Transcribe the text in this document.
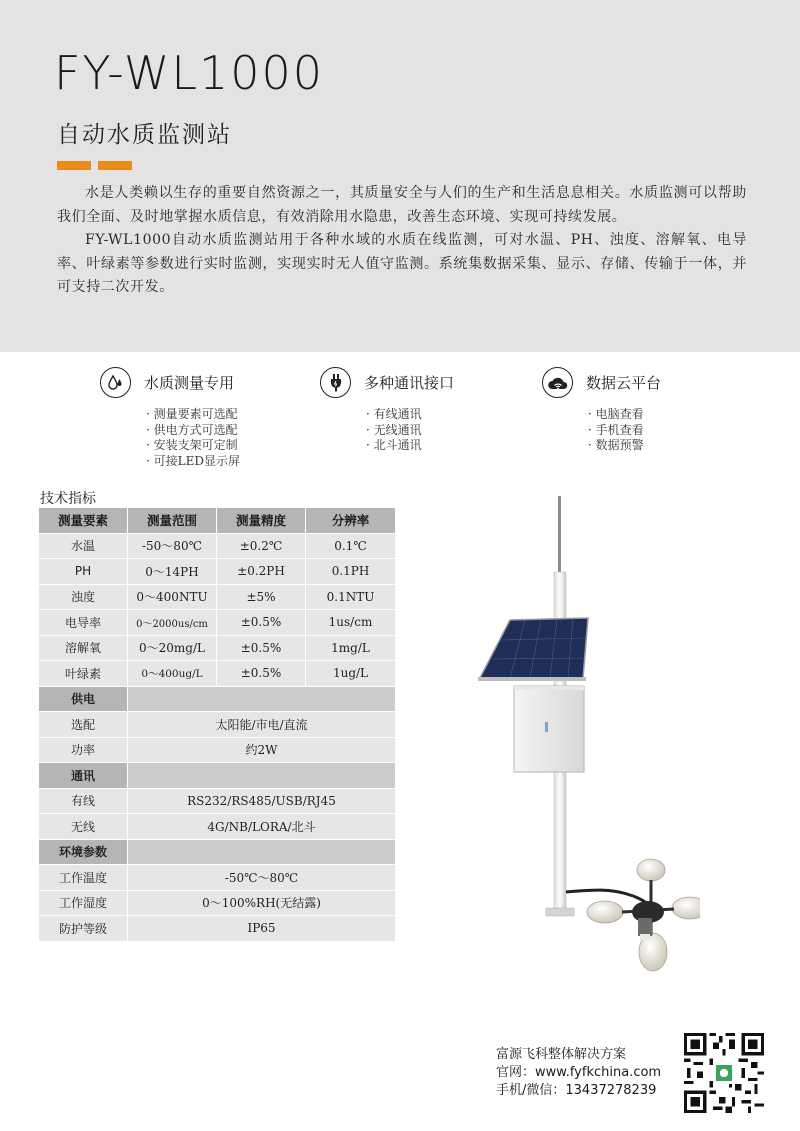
FY-WL1000
自动水质监测站

水是人类赖以生存的重要自然资源之一，其质量安全与人们的生产和生活息息相关。水质监测可以帮助我们全面、及时地掌握水质信息，有效消除用水隐患，改善生态环境、实现可持续发展。

FY-WL1000自动水质监测站用于各种水域的水质在线监测，可对水温、PH、浊度、溶解氧、电导率、叶绿素等参数进行实时监测，实现实时无人值守监测。系统集数据采集、显示、存储、传输于一体，并可支持二次开发。

水质测量专用
· 测量要素可选配
· 供电方式可选配
· 安装支架可定制
· 可接LED显示屏
多种通讯接口
· 有线通讯
· 无线通讯
· 北斗通讯
数据云平台
· 电脑查看
· 手机查看
· 数据预警
技术指标
测量要素	测量范围	测量精度	分辨率
水温	-50～80℃	±0.2℃	0.1℃
PH	0～14PH	±0.2PH	0.1PH
浊度	0～400NTU	±5%	0.1NTU
电导率	0～2000us/cm	±0.5%	1us/cm
溶解氧	0～20mg/L	±0.5%	1mg/L
叶绿素	0～400ug/L	±0.5%	1ug/L
供电			
选配	太阳能/市电/直流		
功率	约2W		
通讯			
有线	RS232/RS485/USB/RJ45		
无线	4G/NB/LORA/北斗		
环境参数			
工作温度	-50℃～80℃		
工作湿度	0～100%RH(无结露)		
防护等级	IP65		
富源飞科整体解决方案
官网：www.fyfkchina.com
手机/微信：13437278239
